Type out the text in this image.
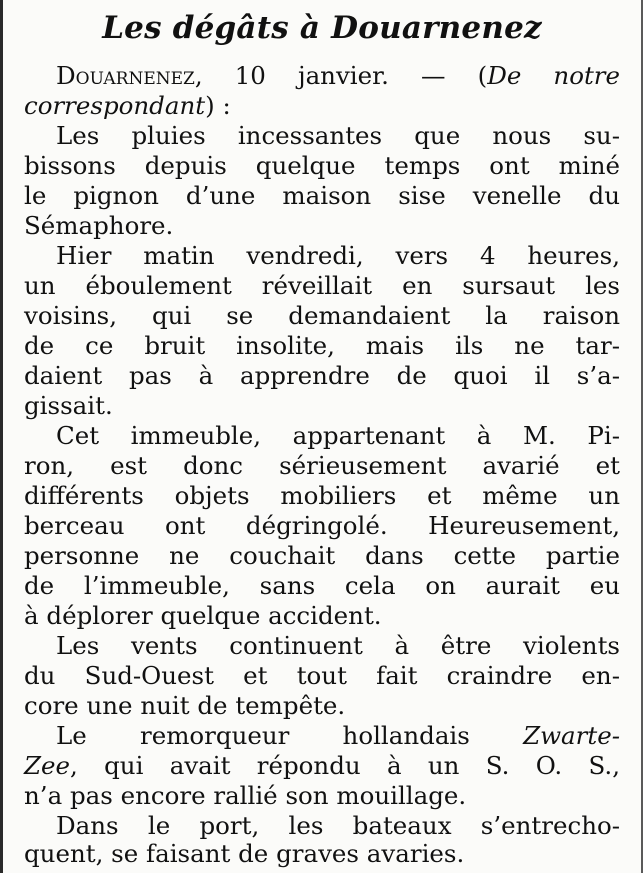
Les dégâts à Douarnenez
Douarnenez, 10 janvier. — (De notre
correspondant) :
Les pluies incessantes que nous su-
bissons depuis quelque temps ont miné
le pignon d’une maison sise venelle du
Sémaphore.
Hier matin vendredi, vers 4 heures,
un éboulement réveillait en sursaut les
voisins, qui se demandaient la raison
de ce bruit insolite, mais ils ne tar-
daient pas à apprendre de quoi il s’a-
gissait.
Cet immeuble, appartenant à M. Pi-
ron, est donc sérieusement avarié et
différents objets mobiliers et même un
berceau ont dégringolé. Heureusement,
personne ne couchait dans cette partie
de l’immeuble, sans cela on aurait eu
à déplorer quelque accident.
Les vents continuent à être violents
du Sud-Ouest et tout fait craindre en-
core une nuit de tempête.
Le remorqueur hollandais Zwarte-
Zee, qui avait répondu à un S. O. S.,
n’a pas encore rallié son mouillage.
Dans le port, les bateaux s’entrecho-
quent, se faisant de graves avaries.
